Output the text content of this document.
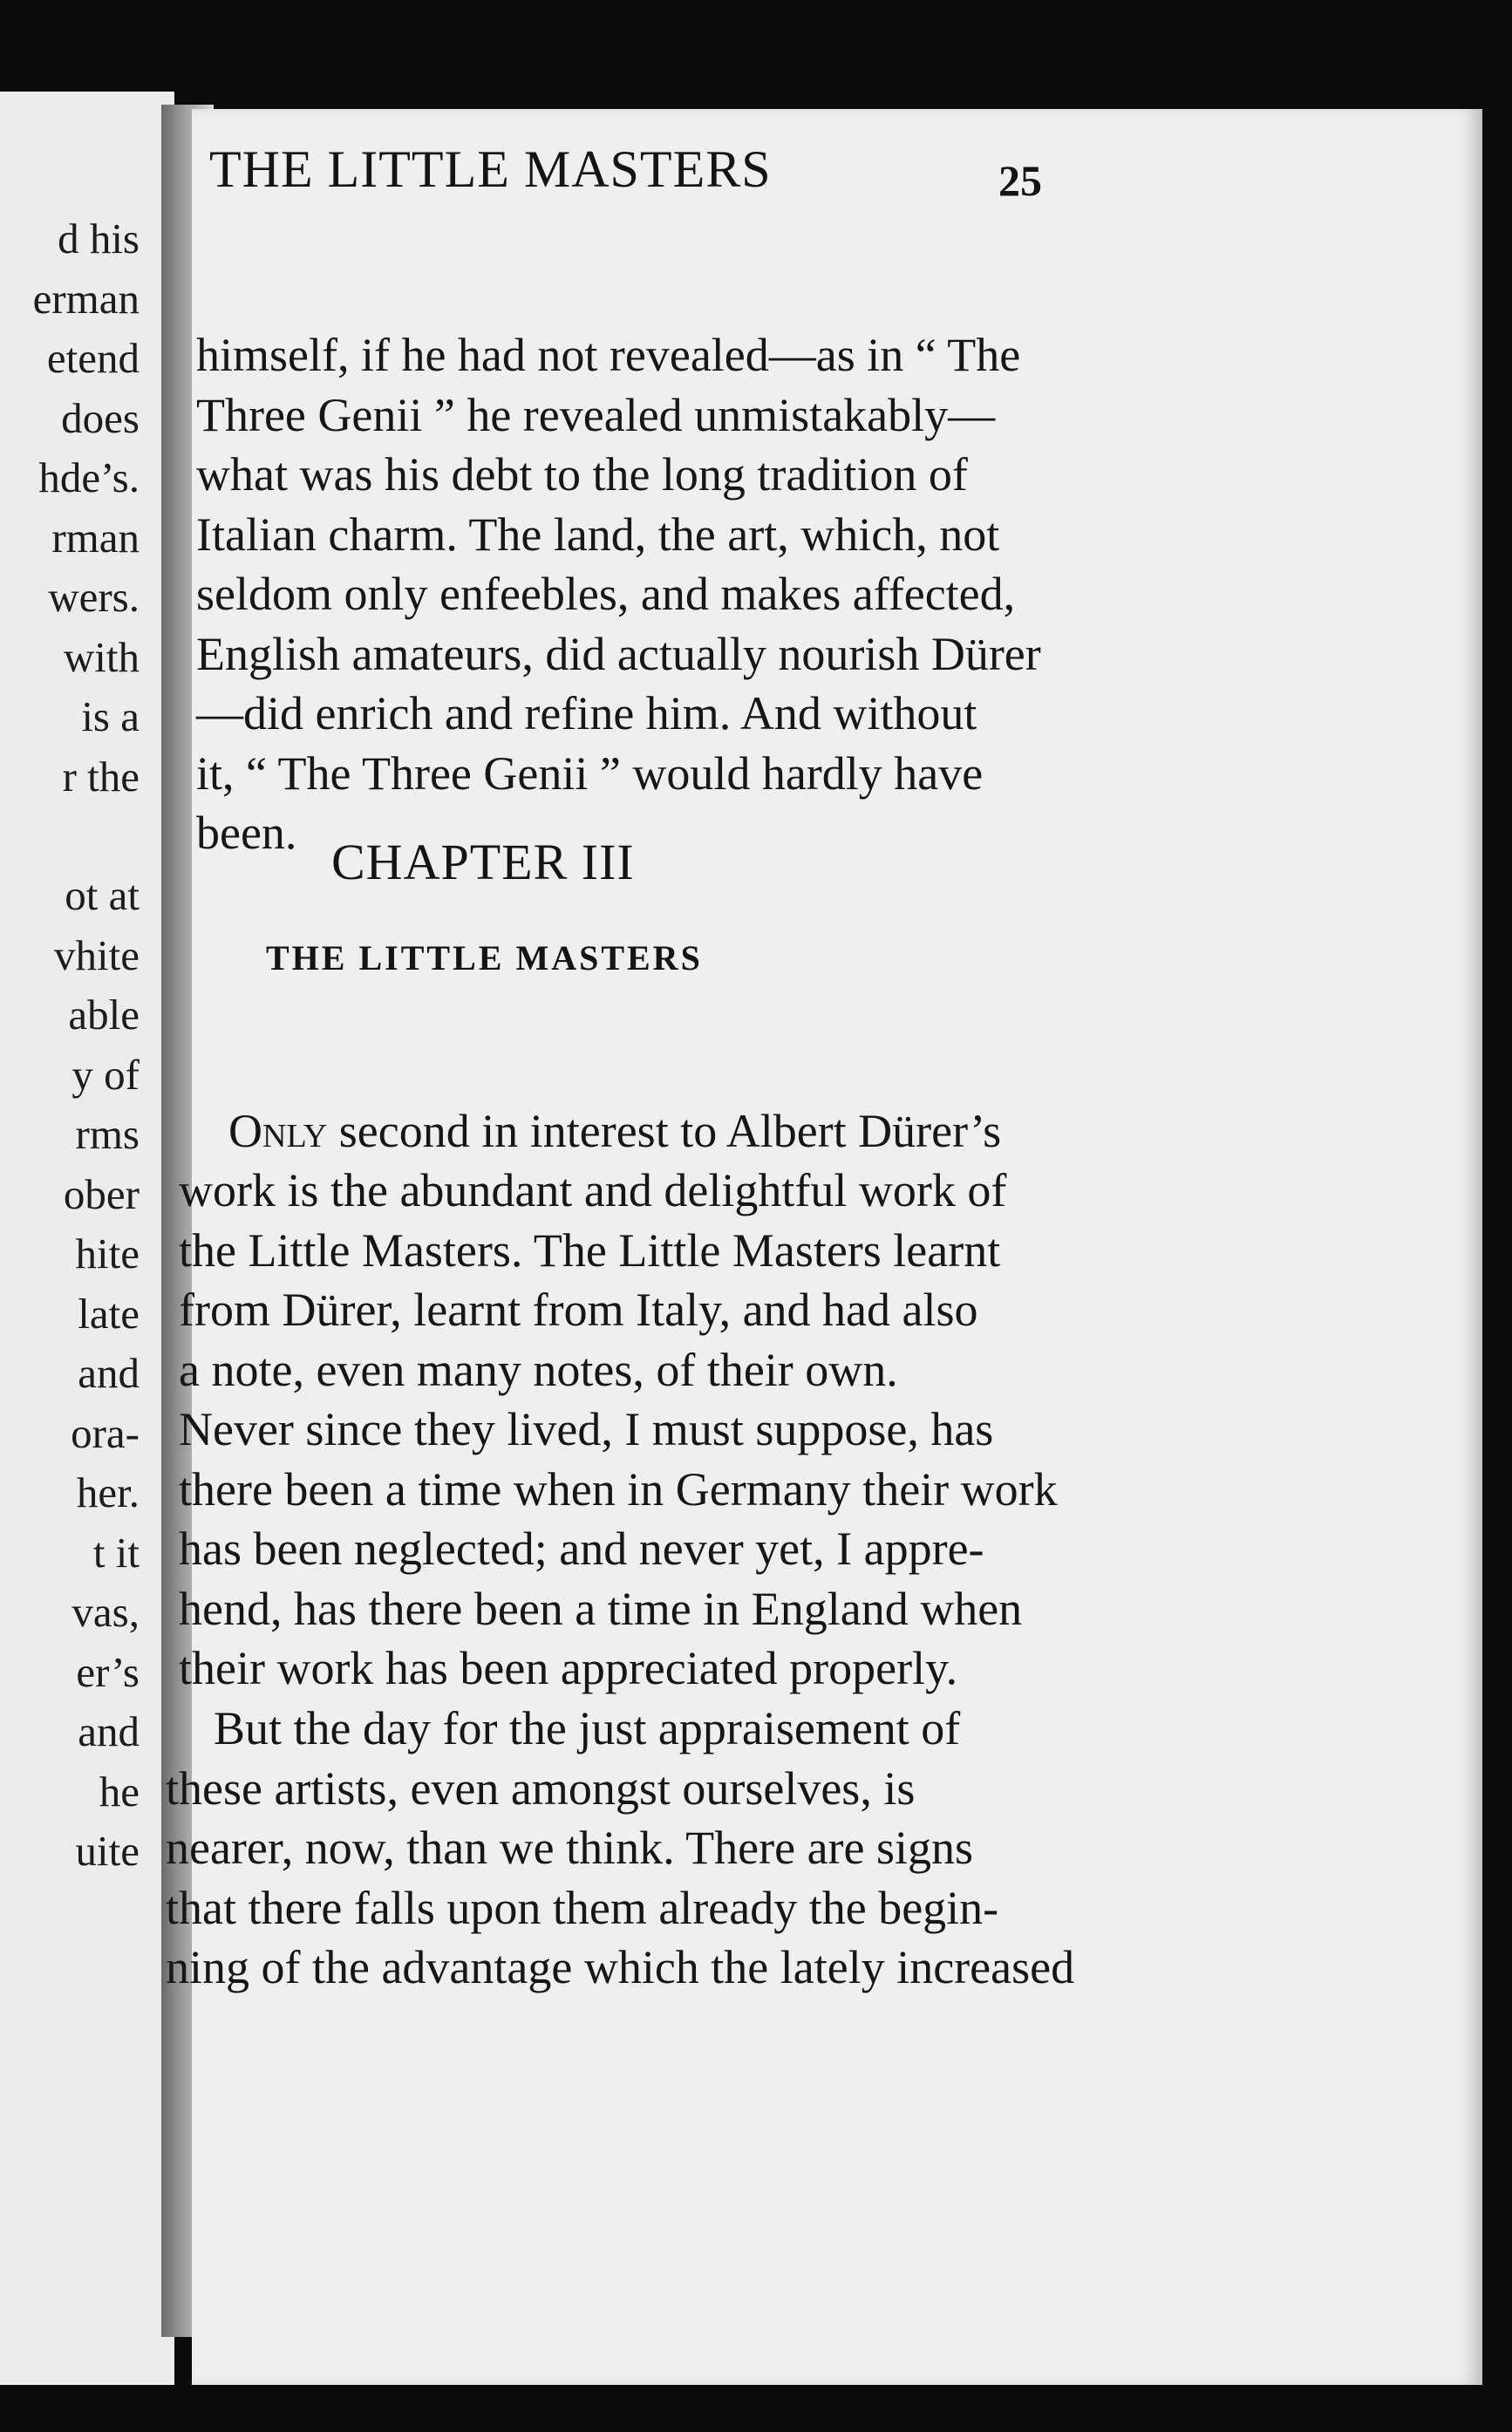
d his
erman
etend
does
hde’s.
rman
wers.
with
is a
r the
ot at
vhite
able
y of
rms
ober
hite
late
and
ora-
her.
t it
vas,
er’s
and
he
uite
THE LITTLE MASTERS	25
himself, if he had not revealed—as in “ The
Three Genii ” he revealed unmistakably—
what was his debt to the long tradition of
Italian charm. The land, the art, which, not
seldom only enfeebles, and makes affected,
English amateurs, did actually nourish Dürer
—did enrich and refine him. And without
it, “ The Three Genii ” would hardly have
been.
CHAPTER III
THE LITTLE MASTERS
Only second in interest to Albert Dürer’s
work is the abundant and delightful work of
the Little Masters. The Little Masters learnt
from Dürer, learnt from Italy, and had also
a note, even many notes, of their own.
Never since they lived, I must suppose, has
there been a time when in Germany their work
has been neglected; and never yet, I appre-
hend, has there been a time in England when
their work has been appreciated properly.
But the day for the just appraisement of
these artists, even amongst ourselves, is
nearer, now, than we think. There are signs
that there falls upon them already the begin-
ning of the advantage which the lately increased
